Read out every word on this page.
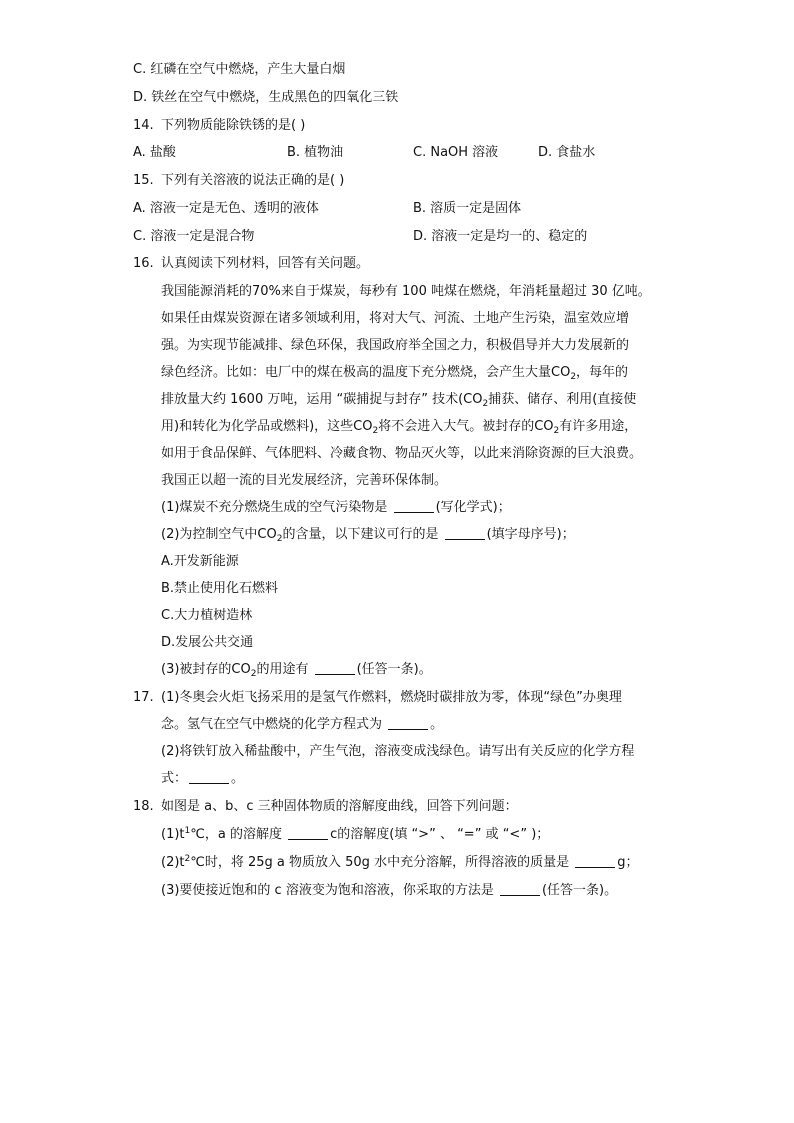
C. 红磷在空气中燃烧，产生大量白烟
D. 铁丝在空气中燃烧，生成黑色的四氧化三铁
14. 下列物质能除铁锈的是( )
A. 盐酸	B. 植物油	C. NaOH 溶液	D. 食盐水
15. 下列有关溶液的说法正确的是( )
A. 溶液一定是无色、透明的液体	B. 溶质一定是固体
C. 溶液一定是混合物	D. 溶液一定是均一的、稳定的
16. 认真阅读下列材料，回答有关问题。
我国能源消耗的70%来自于煤炭，每秒有 100 吨煤在燃烧，年消耗量超过 30 亿吨。
如果任由煤炭资源在诸多领域利用，将对大气、河流、土地产生污染，温室效应增
强。为实现节能减排、绿色环保，我国政府举全国之力，积极倡导并大力发展新的
绿色经济。比如：电厂中的煤在极高的温度下充分燃烧，会产生大量$CO_2$，每年的
排放量大约 1600 万吨，运用 “碳捕捉与封存” 技术($CO_2$捕获、储存、利用(直接使
用)和转化为化学品或燃料)，这些$CO_2$将不会进入大气。被封存的$CO_2$有许多用途，
如用于食品保鲜、气体肥料、冷藏食物、物品灭火等，以此来消除资源的巨大浪费。
我国正以超一流的目光发展经济，完善环保体制。
(1)煤炭不充分燃烧生成的空气污染物是	(写化学式)；
(2)为控制空气中$CO_2$的含量，以下建议可行的是	(填字母序号)；
A.开发新能源
B.禁止使用化石燃料
C.大力植树造林
D.发展公共交通
(3)被封存的$CO_2$的用途有	(任答一条)。
17. (1)冬奥会火炬飞扬采用的是氢气作燃料，燃烧时碳排放为零，体现“绿色”办奥理
念。氢气在空气中燃烧的化学方程式为	。
(2)将铁钉放入稀盐酸中，产生气泡，溶液变成浅绿色。请写出有关反应的化学方程
式：	。
18. 如图是 a、b、c 三种固体物质的溶解度曲线，回答下列问题：
$(1)t^1℃$，a 的溶解度	c的溶解度(填 “>” 、 “=” 或 “<” )；
$(2)t^2℃$时，将 25g a 物质放入 50g 水中充分溶解，所得溶液的质量是	g；
(3)要使接近饱和的 c 溶液变为饱和溶液，你采取的方法是	(任答一条)。
